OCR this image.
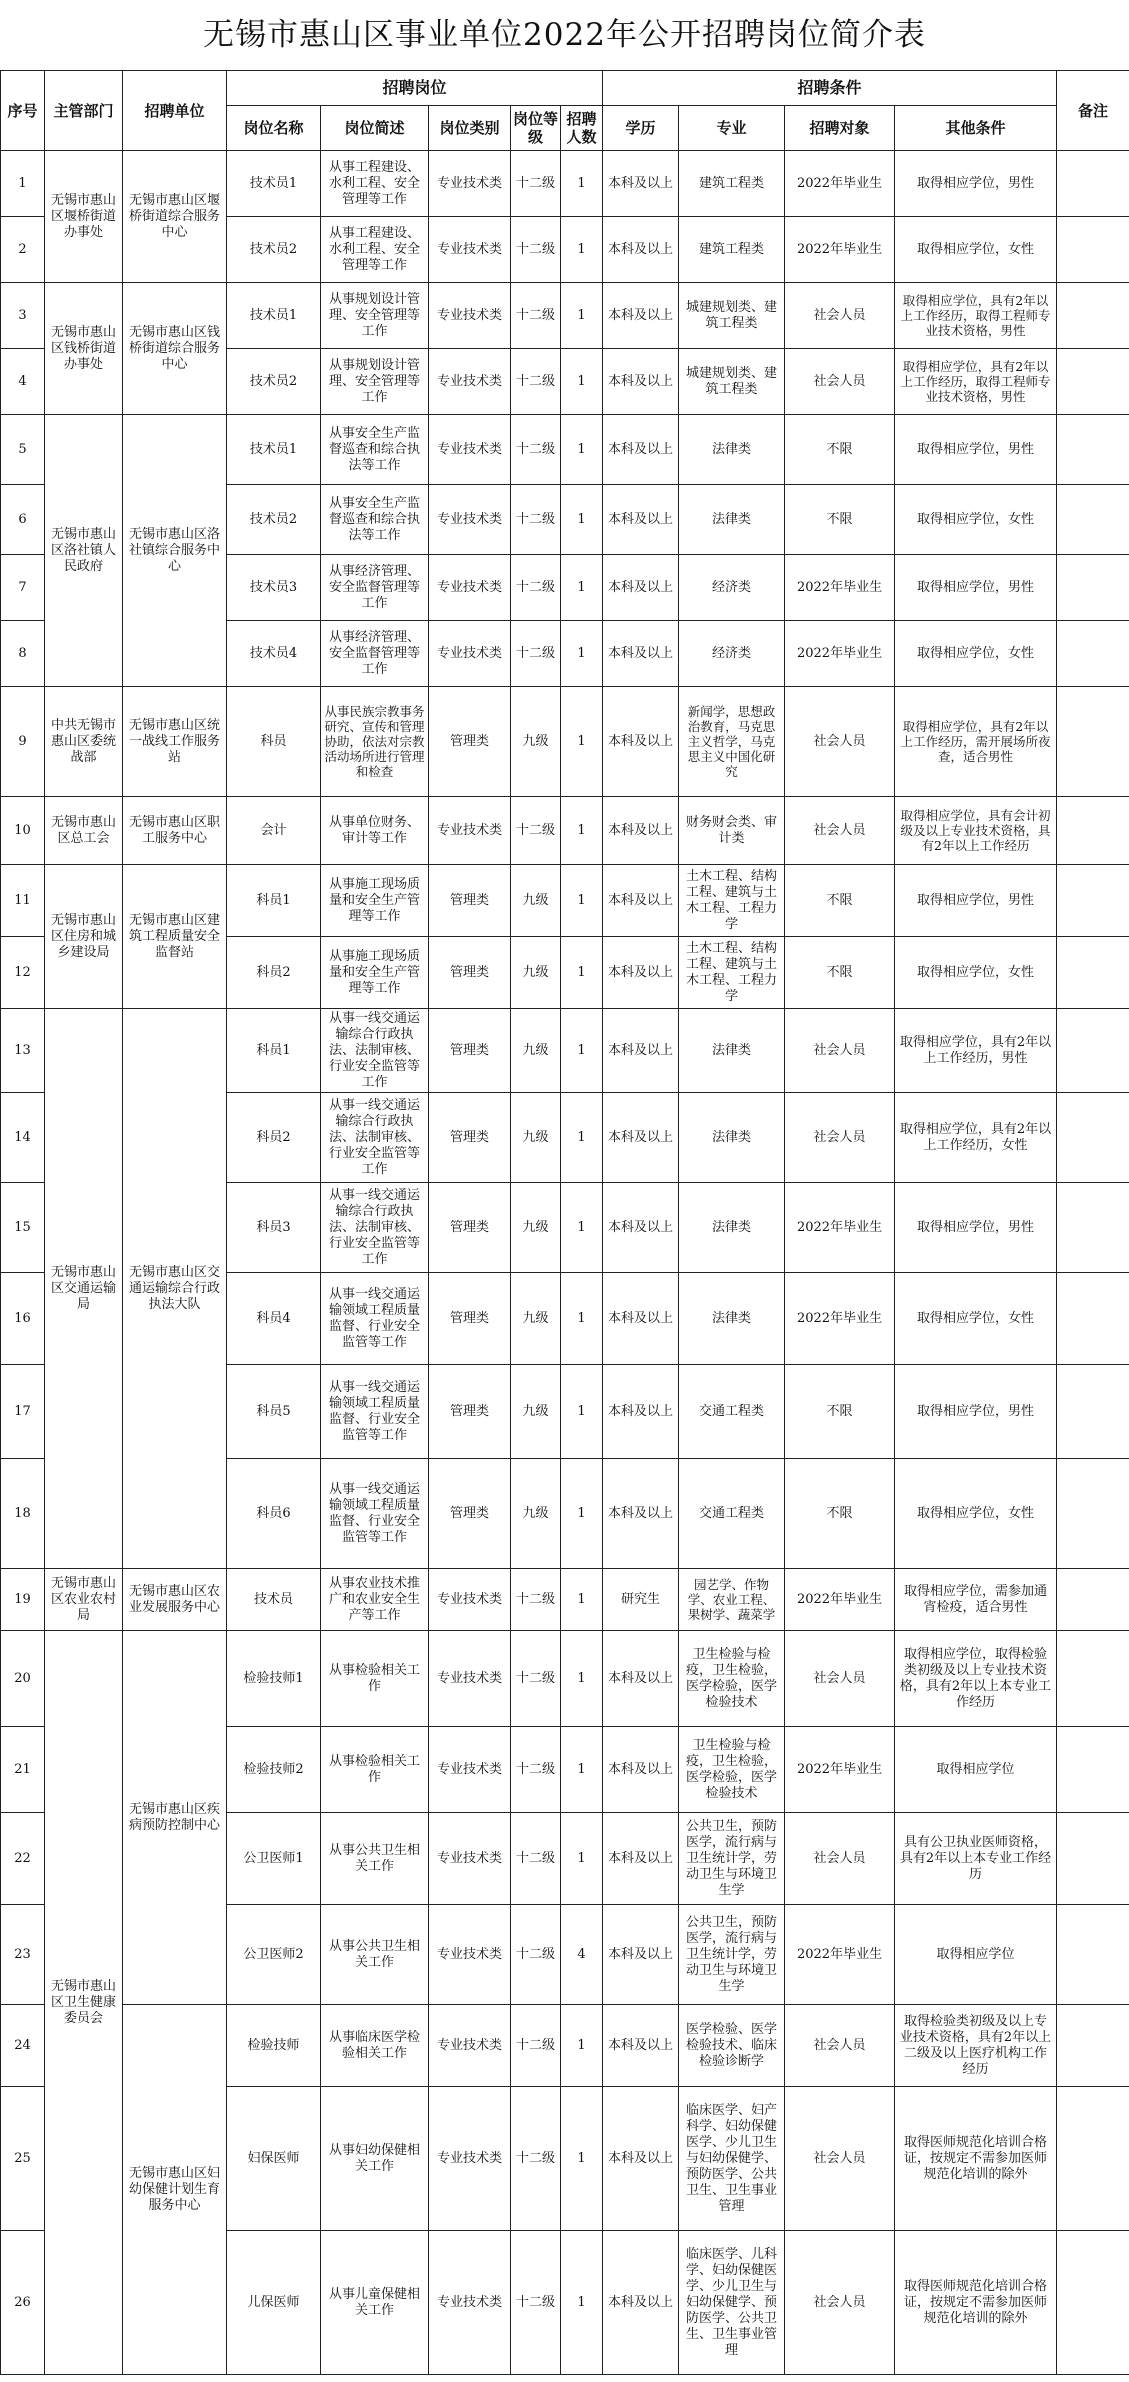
无锡市惠山区事业单位2022年公开招聘岗位简介表
序号	主管部门	招聘单位	招聘岗位					招聘条件				备注
			岗位名称	岗位简述	岗位类别	岗位等级	招聘人数	学历	专业	招聘对象	其他条件	
1	无锡市惠山区堰桥街道办事处	无锡市惠山区堰桥街道综合服务中心	技术员1	从事工程建设、水利工程、安全管理等工作	专业技术类	十二级	1	本科及以上	建筑工程类	2022年毕业生	取得相应学位，男性	
2			技术员2	从事工程建设、水利工程、安全管理等工作	专业技术类	十二级	1	本科及以上	建筑工程类	2022年毕业生	取得相应学位，女性	
3	无锡市惠山区钱桥街道办事处	无锡市惠山区钱桥街道综合服务中心	技术员1	从事规划设计管理、安全管理等工作	专业技术类	十二级	1	本科及以上	城建规划类、建筑工程类	社会人员	取得相应学位，具有2年以上工作经历，取得工程师专业技术资格，男性	
4			技术员2	从事规划设计管理、安全管理等工作	专业技术类	十二级	1	本科及以上	城建规划类、建筑工程类	社会人员	取得相应学位，具有2年以上工作经历，取得工程师专业技术资格，男性	
5	无锡市惠山区洛社镇人民政府	无锡市惠山区洛社镇综合服务中心	技术员1	从事安全生产监督巡查和综合执法等工作	专业技术类	十二级	1	本科及以上	法律类	不限	取得相应学位，男性	
6			技术员2	从事安全生产监督巡查和综合执法等工作	专业技术类	十二级	1	本科及以上	法律类	不限	取得相应学位，女性	
7			技术员3	从事经济管理、安全监督管理等工作	专业技术类	十二级	1	本科及以上	经济类	2022年毕业生	取得相应学位，男性	
8			技术员4	从事经济管理、安全监督管理等工作	专业技术类	十二级	1	本科及以上	经济类	2022年毕业生	取得相应学位，女性	
9	中共无锡市惠山区委统战部	无锡市惠山区统一战线工作服务站	科员	从事民族宗教事务研究、宣传和管理协助，依法对宗教活动场所进行管理和检查	管理类	九级	1	本科及以上	新闻学，思想政治教育，马克思主义哲学，马克思主义中国化研究	社会人员	取得相应学位，具有2年以上工作经历，需开展场所夜查，适合男性	
10	无锡市惠山区总工会	无锡市惠山区职工服务中心	会计	从事单位财务、审计等工作	专业技术类	十二级	1	本科及以上	财务财会类、审计类	社会人员	取得相应学位，具有会计初级及以上专业技术资格，具有2年以上工作经历	
11	无锡市惠山区住房和城乡建设局	无锡市惠山区建筑工程质量安全监督站	科员1	从事施工现场质量和安全生产管理等工作	管理类	九级	1	本科及以上	土木工程、结构工程、建筑与土木工程、工程力学	不限	取得相应学位，男性	
12			科员2	从事施工现场质量和安全生产管理等工作	管理类	九级	1	本科及以上	土木工程、结构工程、建筑与土木工程、工程力学	不限	取得相应学位，女性	
13	无锡市惠山区交通运输局	无锡市惠山区交通运输综合行政执法大队	科员1	从事一线交通运输综合行政执法、法制审核、行业安全监管等工作	管理类	九级	1	本科及以上	法律类	社会人员	取得相应学位，具有2年以上工作经历，男性	
14			科员2	从事一线交通运输综合行政执法、法制审核、行业安全监管等工作	管理类	九级	1	本科及以上	法律类	社会人员	取得相应学位，具有2年以上工作经历，女性	
15			科员3	从事一线交通运输综合行政执法、法制审核、行业安全监管等工作	管理类	九级	1	本科及以上	法律类	2022年毕业生	取得相应学位，男性	
16			科员4	从事一线交通运输领域工程质量监督、行业安全监管等工作	管理类	九级	1	本科及以上	法律类	2022年毕业生	取得相应学位，女性	
17			科员5	从事一线交通运输领域工程质量监督、行业安全监管等工作	管理类	九级	1	本科及以上	交通工程类	不限	取得相应学位，男性	
18			科员6	从事一线交通运输领域工程质量监督、行业安全监管等工作	管理类	九级	1	本科及以上	交通工程类	不限	取得相应学位，女性	
19	无锡市惠山区农业农村局	无锡市惠山区农业发展服务中心	技术员	从事农业技术推广和农业安全生产等工作	专业技术类	十二级	1	研究生	园艺学、作物学、农业工程、果树学、蔬菜学	2022年毕业生	取得相应学位，需参加通宵检疫，适合男性	
20	无锡市惠山区卫生健康委员会	无锡市惠山区疾病预防控制中心	检验技师1	从事检验相关工作	专业技术类	十二级	1	本科及以上	卫生检验与检疫，卫生检验，医学检验，医学检验技术	社会人员	取得相应学位，取得检验类初级及以上专业技术资格，具有2年以上本专业工作经历	
21			检验技师2	从事检验相关工作	专业技术类	十二级	1	本科及以上	卫生检验与检疫，卫生检验，医学检验，医学检验技术	2022年毕业生	取得相应学位	
22			公卫医师1	从事公共卫生相关工作	专业技术类	十二级	1	本科及以上	公共卫生，预防医学，流行病与卫生统计学，劳动卫生与环境卫生学	社会人员	具有公卫执业医师资格，具有2年以上本专业工作经历	
23			公卫医师2	从事公共卫生相关工作	专业技术类	十二级	4	本科及以上	公共卫生，预防医学，流行病与卫生统计学，劳动卫生与环境卫生学	2022年毕业生	取得相应学位	
24		无锡市惠山区妇幼保健计划生育服务中心	检验技师	从事临床医学检验相关工作	专业技术类	十二级	1	本科及以上	医学检验、医学检验技术、临床检验诊断学	社会人员	取得检验类初级及以上专业技术资格，具有2年以上二级及以上医疗机构工作经历	
25			妇保医师	从事妇幼保健相关工作	专业技术类	十二级	1	本科及以上	临床医学、妇产科学、妇幼保健医学、少儿卫生与妇幼保健学、预防医学、公共卫生、卫生事业管理	社会人员	取得医师规范化培训合格证，按规定不需参加医师规范化培训的除外	
26			儿保医师	从事儿童保健相关工作	专业技术类	十二级	1	本科及以上	临床医学、儿科学、妇幼保健医学、少儿卫生与妇幼保健学、预防医学、公共卫生、卫生事业管理	社会人员	取得医师规范化培训合格证，按规定不需参加医师规范化培训的除外	
